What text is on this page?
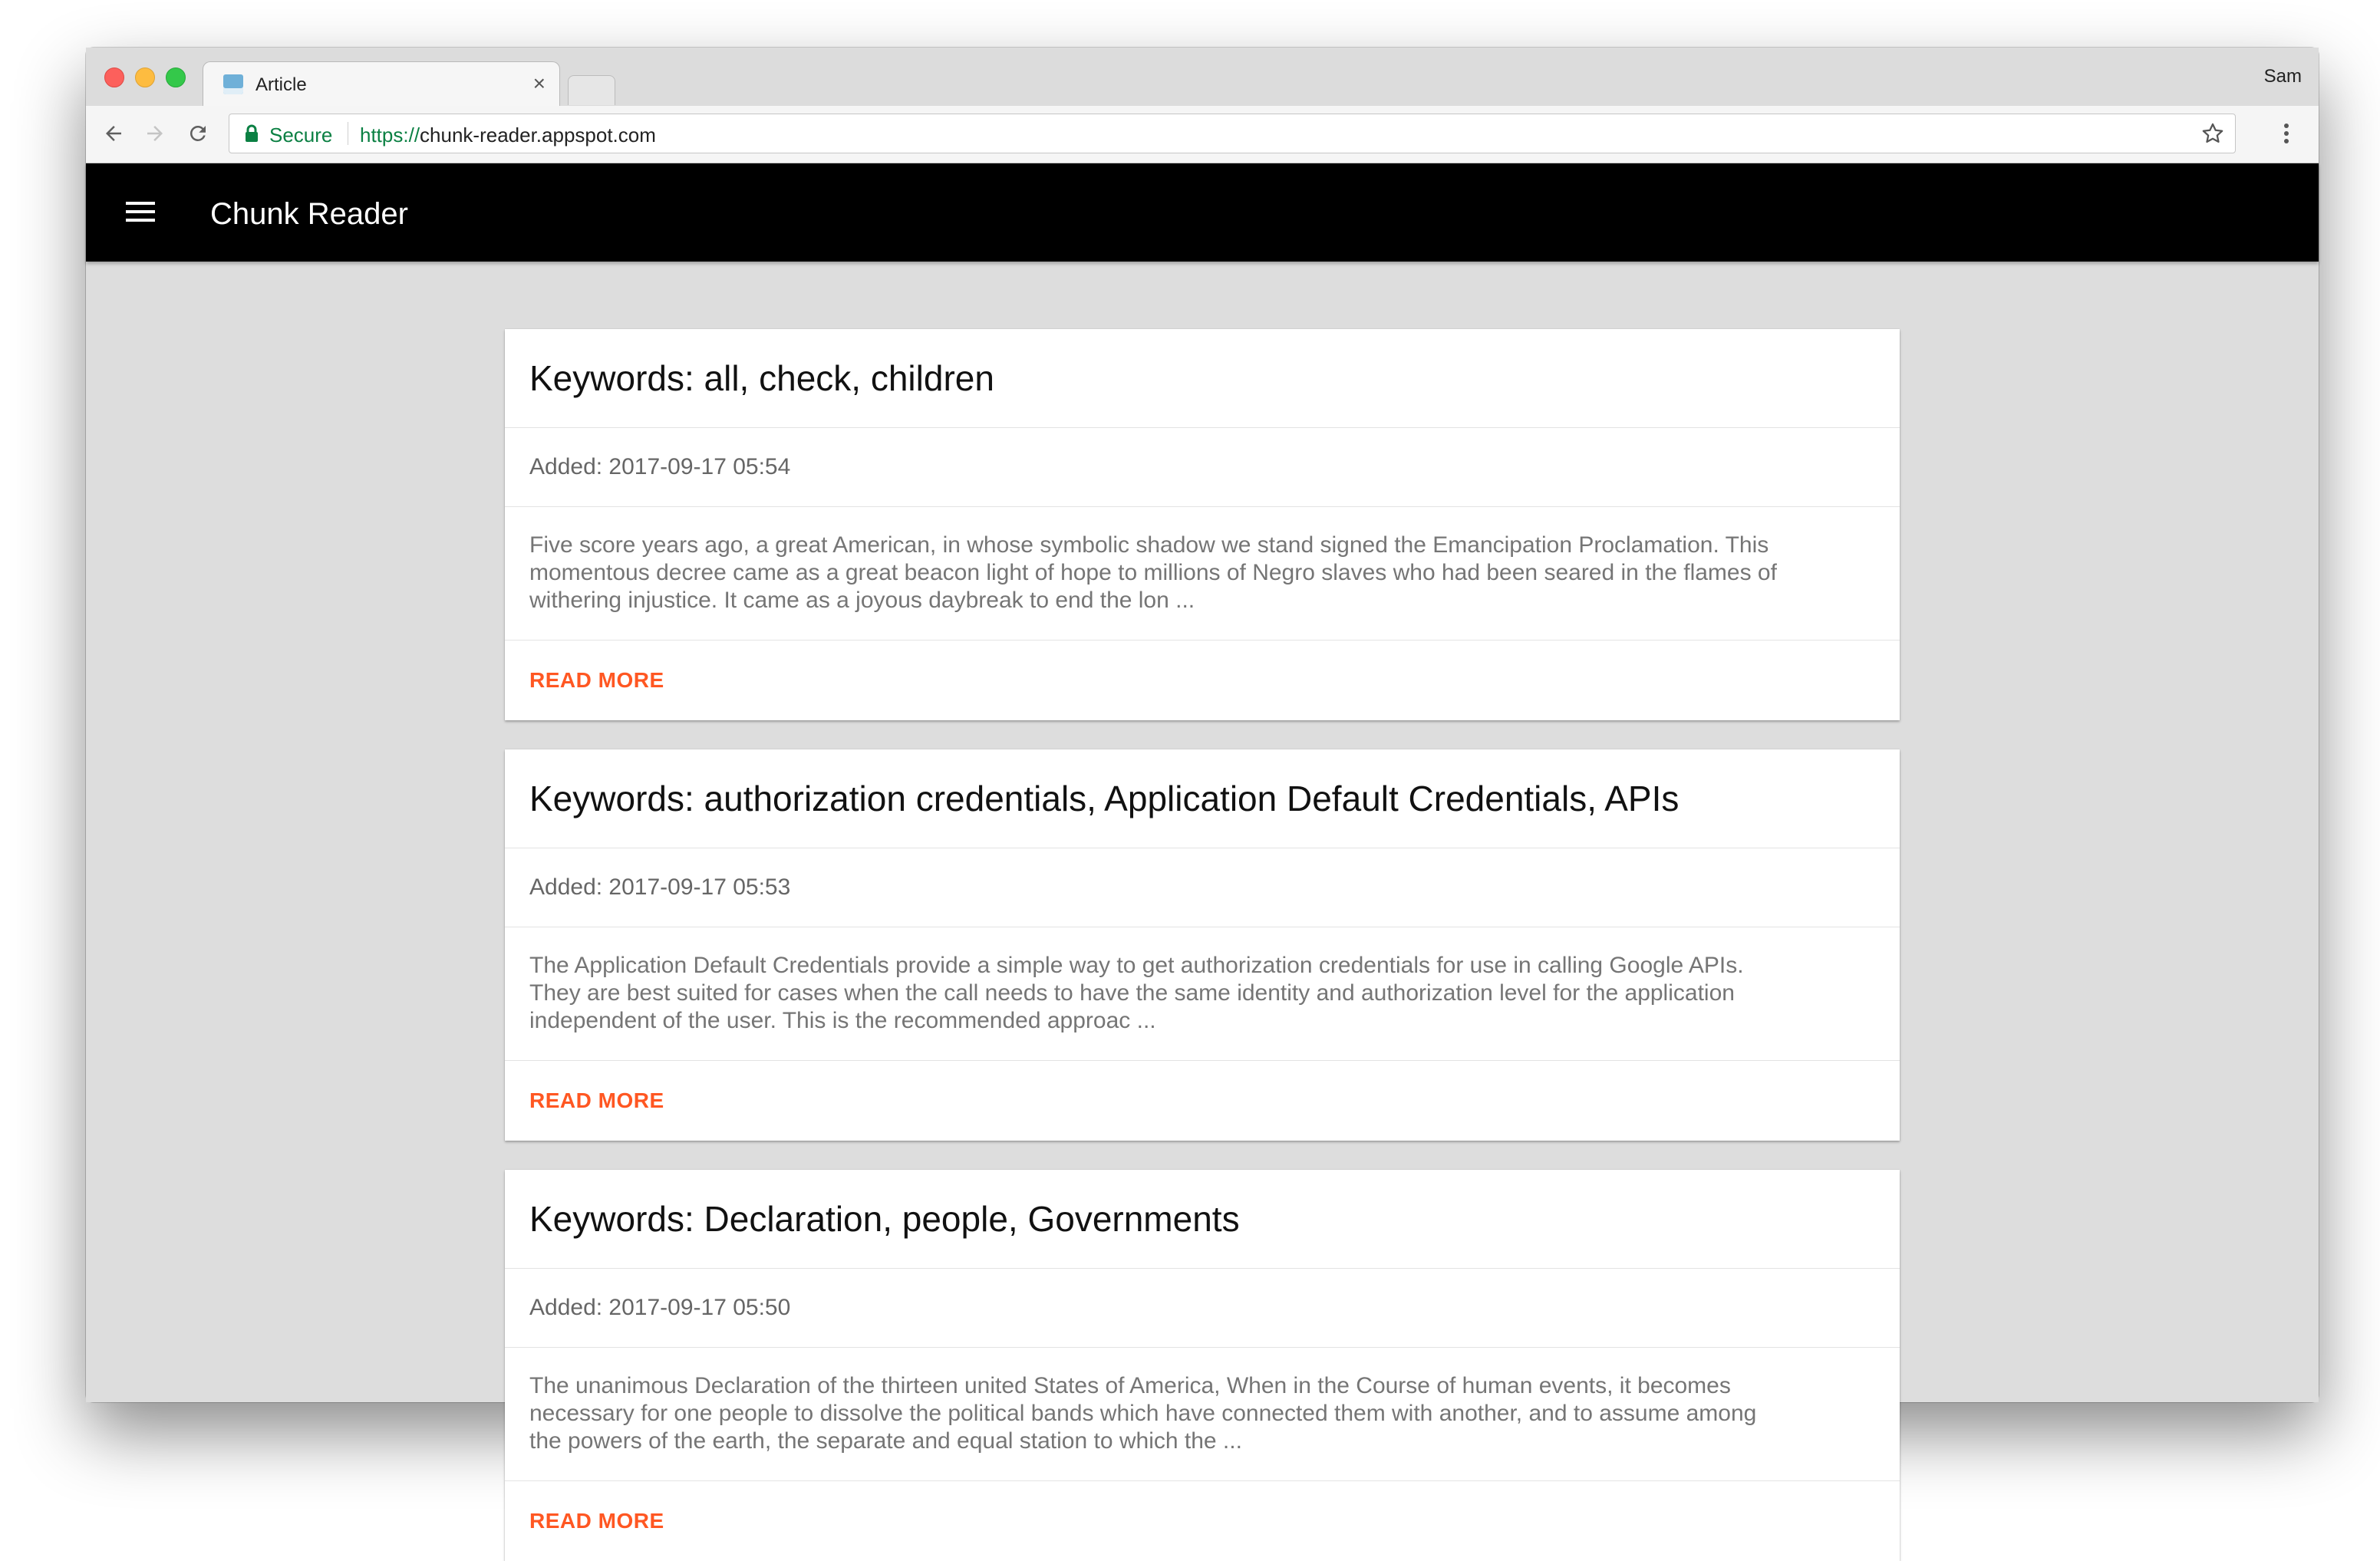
Article	×	Sam
Secure https://chunk-reader.appspot.com
Chunk Reader
Keywords: all, check, children
Added: 2017-09-17 05:54

Five score years ago, a great American, in whose symbolic shadow we stand signed the Emancipation Proclamation. This momentous decree came as a great beacon light of hope to millions of Negro slaves who had been seared in the flames of withering injustice. It came as a joyous daybreak to end the lon ...

READ MORE
Keywords: authorization credentials, Application Default Credentials, APIs
Added: 2017-09-17 05:53

The Application Default Credentials provide a simple way to get authorization credentials for use in calling Google APIs. They are best suited for cases when the call needs to have the same identity and authorization level for the application independent of the user. This is the recommended approac ...

READ MORE
Keywords: Declaration, people, Governments
Added: 2017-09-17 05:50

The unanimous Declaration of the thirteen united States of America, When in the Course of human events, it becomes necessary for one people to dissolve the political bands which have connected them with another, and to assume among the powers of the earth, the separate and equal station to which the ...

READ MORE
